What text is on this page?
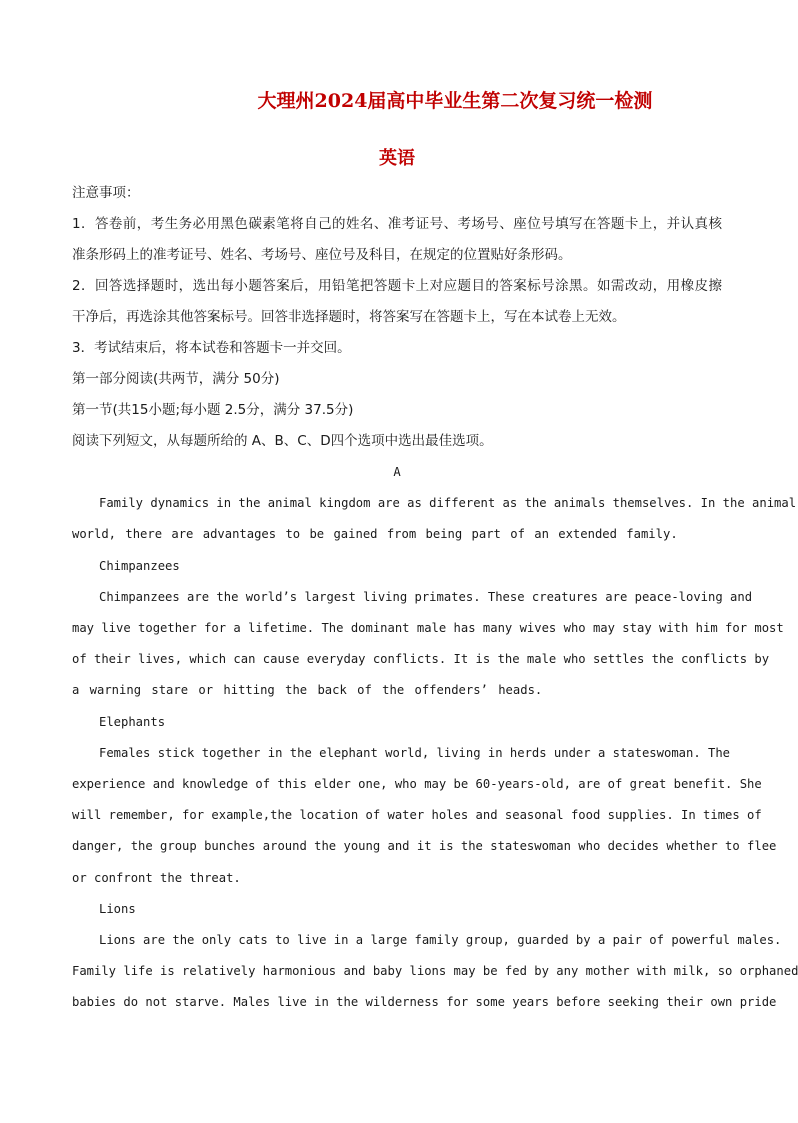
大理州2024届高中毕业生第二次复习统一检测
英语
注意事项：
1．答卷前，考生务必用黑色碳素笔将自己的姓名、准考证号、考场号、座位号填写在答题卡上，并认真核
准条形码上的准考证号、姓名、考场号、座位号及科目，在规定的位置贴好条形码。
2．回答选择题时，选出每小题答案后，用铅笔把答题卡上对应题目的答案标号涂黑。如需改动，用橡皮擦
干净后，再选涂其他答案标号。回答非选择题时，将答案写在答题卡上，写在本试卷上无效。
3．考试结束后，将本试卷和答题卡一并交回。
第一部分阅读(共两节，满分 50分)
第一节(共15小题;每小题 2.5分，满分 37.5分)
阅读下列短文，从每题所给的 A、B、C、D四个选项中选出最佳选项。
A
Family dynamics in the animal kingdom are as different as the animals themselves. In the animal
world, there are advantages to be gained from being part of an extended family.
Chimpanzees
Chimpanzees are the world’s largest living primates. These creatures are peace-loving and
may live together for a lifetime. The dominant male has many wives who may stay with him for most
of their lives, which can cause everyday conflicts. It is the male who settles the conflicts by
a warning stare or hitting the back of the offenders’ heads.
Elephants
Females stick together in the elephant world, living in herds under a stateswoman. The
experience and knowledge of this elder one, who may be 60-years-old, are of great benefit. She
will remember, for example,the location of water holes and seasonal food supplies. In times of
danger, the group bunches around the young and it is the stateswoman who decides whether to flee
or confront the threat.
Lions
Lions are the only cats to live in a large family group, guarded by a pair of powerful males.
Family life is relatively harmonious and baby lions may be fed by any mother with milk, so orphaned
babies do not starve. Males live in the wilderness for some years before seeking their own pride
